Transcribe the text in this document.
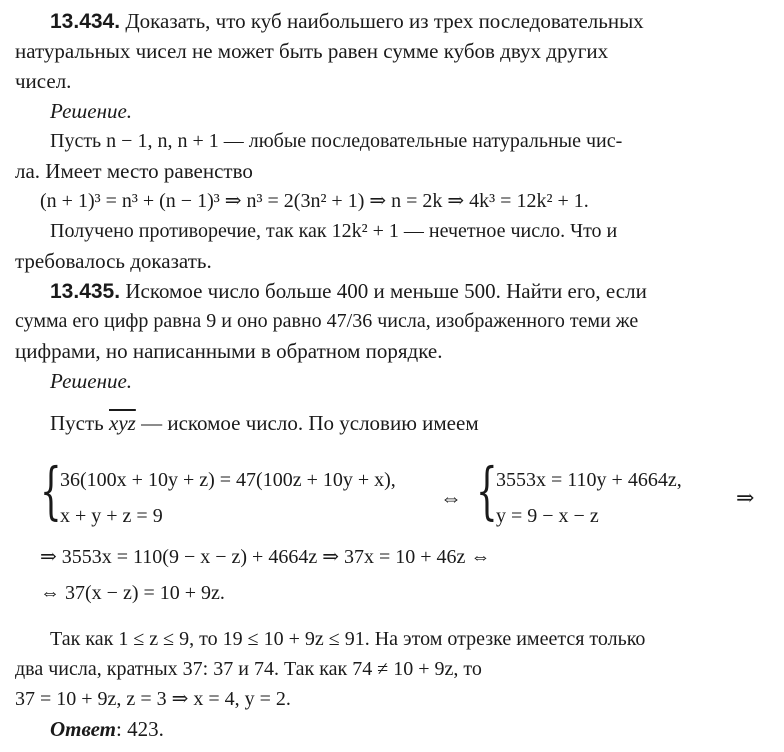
13.434. Доказать, что куб наибольшего из трех последовательных
натуральных чисел не может быть равен сумме кубов двух других
чисел.
Решение.
Пусть n − 1, n, n + 1 — любые последовательные натуральные чис-
ла. Имеет место равенство
(n + 1)³ = n³ + (n − 1)³ ⇒ n³ = 2(3n² + 1) ⇒ n = 2k ⇒ 4k³ = 12k² + 1.
Получено противоречие, так как 12k² + 1 — нечетное число. Что и
требовалось доказать.
13.435. Искомое число больше 400 и меньше 500. Найти его, если
сумма его цифр равна 9 и оно равно 47/36 числа, изображенного теми же
цифрами, но написанными в обратном порядке.
Решение.
Пусть $\overline{xyz}$ — искомое число. По условию имеем
{
36(100x + 10y + z) = 47(100z + 10y + x),
x + y + z = 9
⇔ {
3553x = 110y + 4664z,
y = 9 − x − z
⇒
⇒ 3553x = 110(9 − x − z) + 4664z ⇒ 37x = 10 + 46z ⇔
⇔ 37(x − z) = 10 + 9z.
Так как 1 ≤ z ≤ 9, то 19 ≤ 10 + 9z ≤ 91. На этом отрезке имеется только
два числа, кратных 37: 37 и 74. Так как 74 ≠ 10 + 9z, то
37 = 10 + 9z, z = 3 ⇒ x = 4, y = 2.
Ответ: 423.
